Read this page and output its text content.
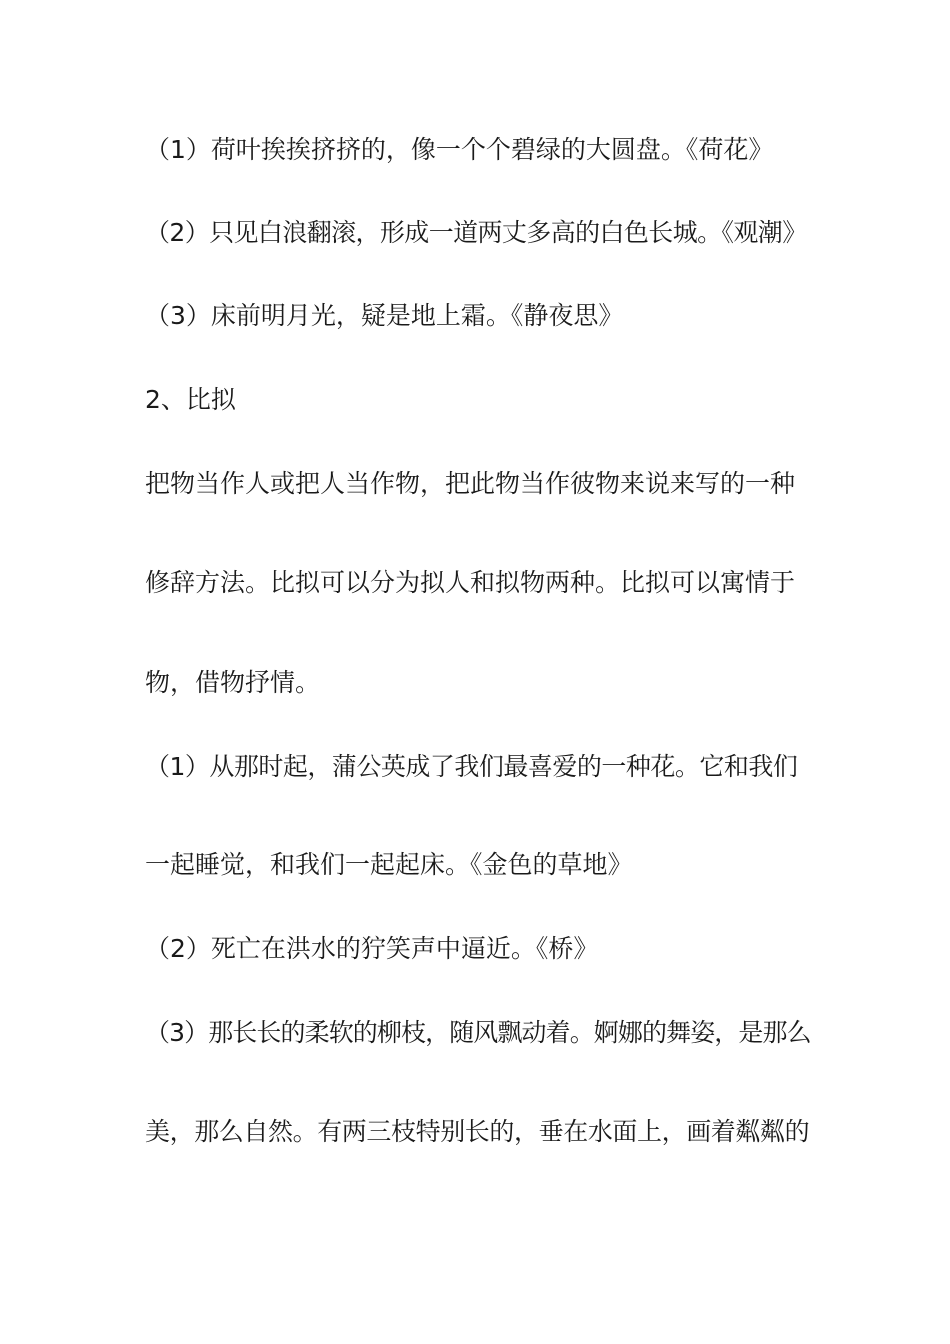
（1）荷叶挨挨挤挤的，像一个个碧绿的大圆盘。《荷花》
（2）只见白浪翻滚，形成一道两丈多高的白色长城。《观潮》
（3）床前明月光，疑是地上霜。《静夜思》
2、比拟
把物当作人或把人当作物，把此物当作彼物来说来写的一种
修辞方法。比拟可以分为拟人和拟物两种。比拟可以寓情于
物，借物抒情。
（1）从那时起，蒲公英成了我们最喜爱的一种花。它和我们
一起睡觉，和我们一起起床。《金色的草地》
（2）死亡在洪水的狞笑声中逼近。《桥》
（3）那长长的柔软的柳枝，随风飘动着。婀娜的舞姿，是那么
美，那么自然。有两三枝特别长的，垂在水面上，画着粼粼的
